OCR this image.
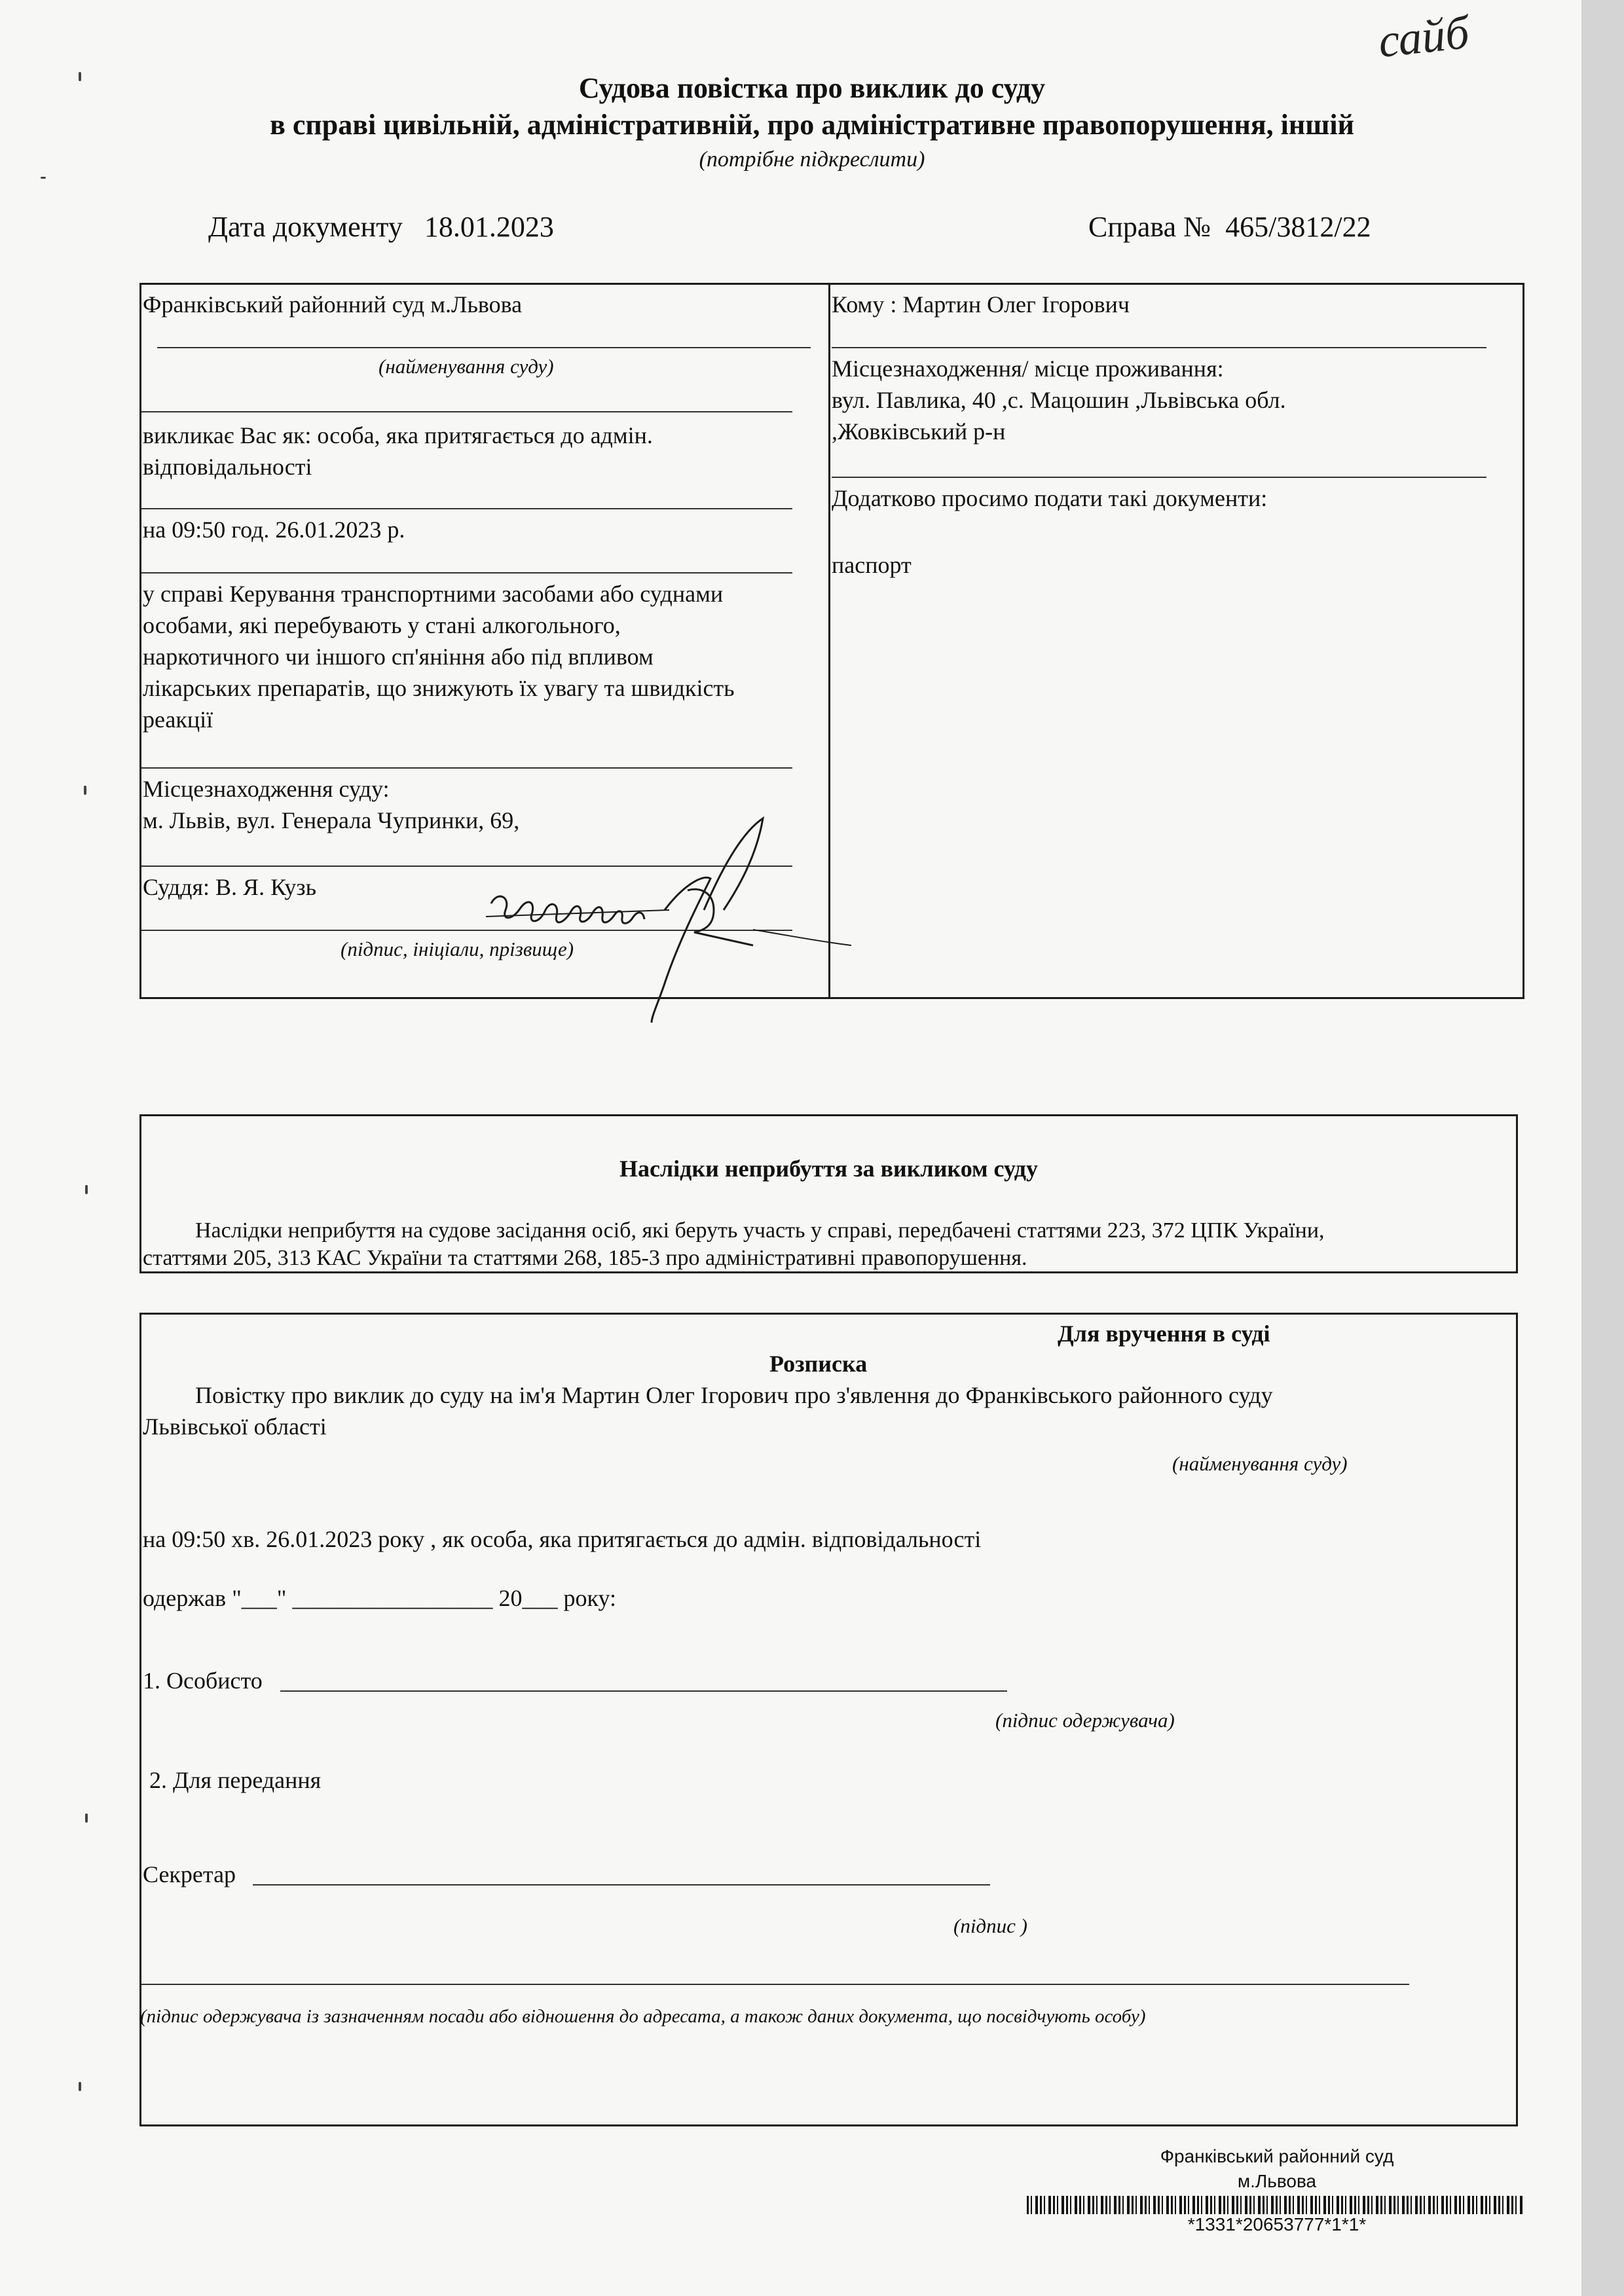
сайб
Судова повістка про виклик до суду
в справі цивільній, адміністративній, про адміністративне правопорушення, іншій
(потрібне підкреслити)
Дата документу 18.01.2023	Справа № 465/3812/22
Франківський районний суд м.Львова
(найменування суду)
викликає Вас як: особа, яка притягається до адмін.
відповідальності
на 09:50 год. 26.01.2023 р.
у справі Керування транспортними засобами або суднами
особами, які перебувають у стані алкогольного,
наркотичного чи іншого сп'яніння або під впливом
лікарських препаратів, що знижують їх увагу та швидкість
реакції
Місцезнаходження суду:
м. Львів, вул. Генерала Чупринки, 69,
Суддя: В. Я. Кузь
(підпис, ініціали, прізвище)
Кому : Мартин Олег Ігорович
Місцезнаходження/ місце проживання:
вул. Павлика, 40 ,с. Мацошин ,Львівська обл.
,Жовківський р-н
Додатково просимо подати такі документи:
паспорт
Наслідки неприбуття за викликом суду
Наслідки неприбуття на судове засідання осіб, які беруть участь у справі, передбачені статтями 223, 372 ЦПК України,
статтями 205, 313 КАС України та статтями 268, 185-3 про адміністративні правопорушення.
Для вручення в суді
Розписка
Повістку про виклик до суду на ім'я Мартин Олег Ігорович про з'явлення до Франківського районного суду
Львівської області
(найменування суду)
на 09:50 хв. 26.01.2023 року , як особа, яка притягається до адмін. відповідальності
одержав "___" _________________ 20___ року:
1. Особисто
(підпис одержувача)
2. Для передання
Секретар
(підпис )
(підпис одержувача із зазначенням посади або відношення до адресата, а також даних документа, що посвідчують особу)
Франківський районний суд
м.Львова
*1331*20653777*1*1*
